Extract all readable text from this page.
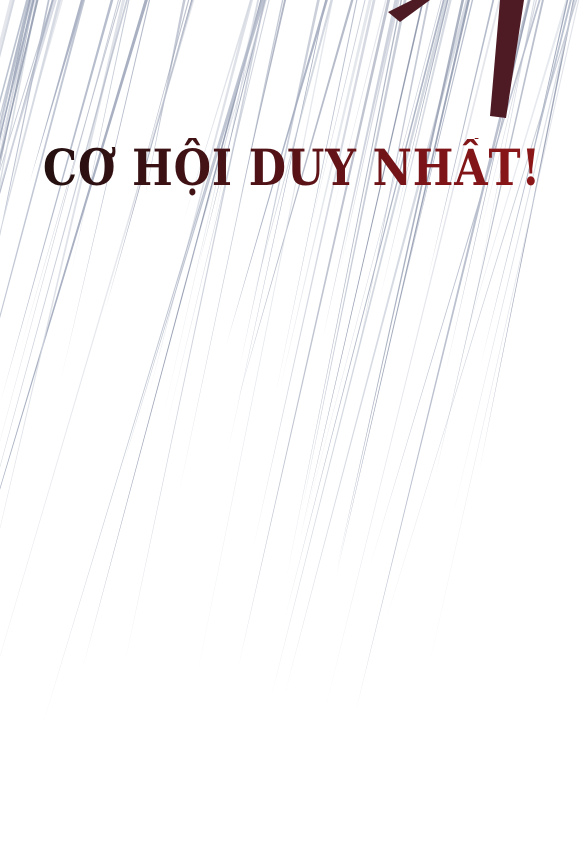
CƠ HỘI DUY NHẤT!
